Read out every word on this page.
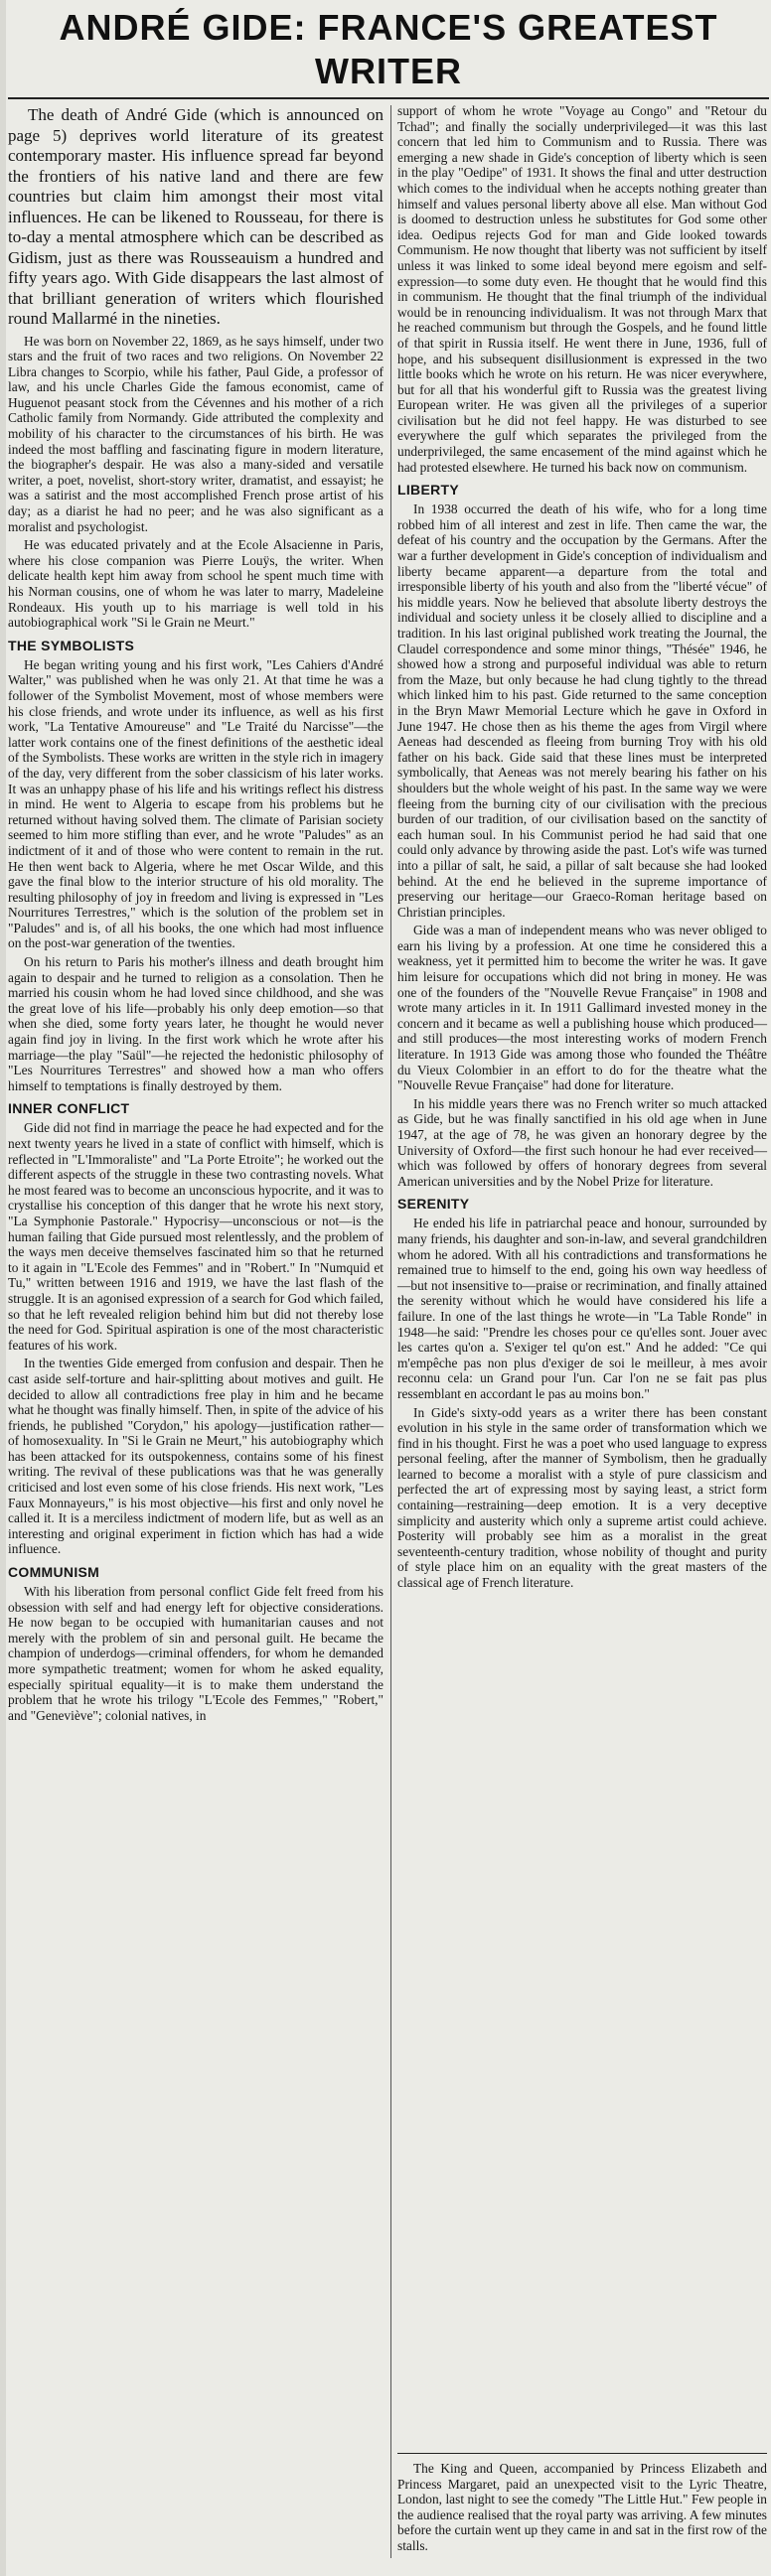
ANDRÉ GIDE: FRANCE'S GREATEST WRITER

The death of André Gide (which is announced on page 5) deprives world literature of its greatest contemporary master. His influence spread far beyond the frontiers of his native land and there are few countries but claim him amongst their most vital influences. He can be likened to Rousseau, for there is to-day a mental atmosphere which can be described as Gidism, just as there was Rousseauism a hundred and fifty years ago. With Gide disappears the last almost of that brilliant generation of writers which flourished round Mallarmé in the nineties.

He was born on November 22, 1869, as he says himself, under two stars and the fruit of two races and two religions. On November 22 Libra changes to Scorpio, while his father, Paul Gide, a professor of law, and his uncle Charles Gide the famous economist, came of Huguenot peasant stock from the Cévennes and his mother of a rich Catholic family from Normandy. Gide attributed the complexity and mobility of his character to the circumstances of his birth. He was indeed the most baffling and fascinating figure in modern literature, the biographer's despair. He was also a many-sided and versatile writer, a poet, novelist, short-story writer, dramatist, and essayist; he was a satirist and the most accomplished French prose artist of his day; as a diarist he had no peer; and he was also significant as a moralist and psychologist.

He was educated privately and at the Ecole Alsacienne in Paris, where his close companion was Pierre Louÿs, the writer. When delicate health kept him away from school he spent much time with his Norman cousins, one of whom he was later to marry, Madeleine Rondeaux. His youth up to his marriage is well told in his autobiographical work "Si le Grain ne Meurt."

THE SYMBOLISTS

He began writing young and his first work, "Les Cahiers d'André Walter," was published when he was only 21. At that time he was a follower of the Symbolist Movement, most of whose members were his close friends, and wrote under its influence, as well as his first work, "La Tentative Amoureuse" and "Le Traité du Narcisse"—the latter work contains one of the finest definitions of the aesthetic ideal of the Symbolists. These works are written in the style rich in imagery of the day, very different from the sober classicism of his later works. It was an unhappy phase of his life and his writings reflect his distress in mind. He went to Algeria to escape from his problems but he returned without having solved them. The climate of Parisian society seemed to him more stifling than ever, and he wrote "Paludes" as an indictment of it and of those who were content to remain in the rut. He then went back to Algeria, where he met Oscar Wilde, and this gave the final blow to the interior structure of his old morality. The resulting philosophy of joy in freedom and living is expressed in "Les Nourritures Terrestres," which is the solution of the problem set in "Paludes" and is, of all his books, the one which had most influence on the post-war generation of the twenties.

On his return to Paris his mother's illness and death brought him again to despair and he turned to religion as a consolation. Then he married his cousin whom he had loved since childhood, and she was the great love of his life—probably his only deep emotion—so that when she died, some forty years later, he thought he would never again find joy in living. In the first work which he wrote after his marriage—the play "Saül"—he rejected the hedonistic philosophy of "Les Nourritures Terrestres" and showed how a man who offers himself to temptations is finally destroyed by them.

INNER CONFLICT

Gide did not find in marriage the peace he had expected and for the next twenty years he lived in a state of conflict with himself, which is reflected in "L'Immoraliste" and "La Porte Etroite"; he worked out the different aspects of the struggle in these two contrasting novels. What he most feared was to become an unconscious hypocrite, and it was to crystallise his conception of this danger that he wrote his next story, "La Symphonie Pastorale." Hypocrisy—unconscious or not—is the human failing that Gide pursued most relentlessly, and the problem of the ways men deceive themselves fascinated him so that he returned to it again in "L'Ecole des Femmes" and in "Robert." In "Numquid et Tu," written between 1916 and 1919, we have the last flash of the struggle. It is an agonised expression of a search for God which failed, so that he left revealed religion behind him but did not thereby lose the need for God. Spiritual aspiration is one of the most characteristic features of his work.

In the twenties Gide emerged from confusion and despair. Then he cast aside self-torture and hair-splitting about motives and guilt. He decided to allow all contradictions free play in him and he became what he thought was finally himself. Then, in spite of the advice of his friends, he published "Corydon," his apology—justification rather—of homosexuality. In "Si le Grain ne Meurt," his autobiography which has been attacked for its outspokenness, contains some of his finest writing. The revival of these publications was that he was generally criticised and lost even some of his close friends. His next work, "Les Faux Monnayeurs," is his most objective—his first and only novel he called it. It is a merciless indictment of modern life, but as well as an interesting and original experiment in fiction which has had a wide influence.

COMMUNISM

With his liberation from personal conflict Gide felt freed from his obsession with self and had energy left for objective considerations. He now began to be occupied with humanitarian causes and not merely with the problem of sin and personal guilt. He became the champion of underdogs—criminal offenders, for whom he demanded more sympathetic treatment; women for whom he asked equality, especially spiritual equality—it is to make them understand the problem that he wrote his trilogy "L'Ecole des Femmes," "Robert," and "Geneviève"; colonial natives, in

support of whom he wrote "Voyage au Congo" and "Retour du Tchad"; and finally the socially underprivileged—it was this last concern that led him to Communism and to Russia. There was emerging a new shade in Gide's conception of liberty which is seen in the play "Oedipe" of 1931. It shows the final and utter destruction which comes to the individual when he accepts nothing greater than himself and values personal liberty above all else. Man without God is doomed to destruction unless he substitutes for God some other idea. Oedipus rejects God for man and Gide looked towards Communism. He now thought that liberty was not sufficient by itself unless it was linked to some ideal beyond mere egoism and self-expression—to some duty even. He thought that he would find this in communism. He thought that the final triumph of the individual would be in renouncing individualism. It was not through Marx that he reached communism but through the Gospels, and he found little of that spirit in Russia itself. He went there in June, 1936, full of hope, and his subsequent disillusionment is expressed in the two little books which he wrote on his return. He was nicer everywhere, but for all that his wonderful gift to Russia was the greatest living European writer. He was given all the privileges of a superior civilisation but he did not feel happy. He was disturbed to see everywhere the gulf which separates the privileged from the underprivileged, the same encasement of the mind against which he had protested elsewhere. He turned his back now on communism.

LIBERTY

In 1938 occurred the death of his wife, who for a long time robbed him of all interest and zest in life. Then came the war, the defeat of his country and the occupation by the Germans. After the war a further development in Gide's conception of individualism and liberty became apparent—a departure from the total and irresponsible liberty of his youth and also from the "liberté vécue" of his middle years. Now he believed that absolute liberty destroys the individual and society unless it be closely allied to discipline and a tradition. In his last original published work treating the Journal, the Claudel correspondence and some minor things, "Thésée" 1946, he showed how a strong and purposeful individual was able to return from the Maze, but only because he had clung tightly to the thread which linked him to his past. Gide returned to the same conception in the Bryn Mawr Memorial Lecture which he gave in Oxford in June 1947. He chose then as his theme the ages from Virgil where Aeneas had descended as fleeing from burning Troy with his old father on his back. Gide said that these lines must be interpreted symbolically, that Aeneas was not merely bearing his father on his shoulders but the whole weight of his past. In the same way we were fleeing from the burning city of our civilisation with the precious burden of our tradition, of our civilisation based on the sanctity of each human soul. In his Communist period he had said that one could only advance by throwing aside the past. Lot's wife was turned into a pillar of salt, he said, a pillar of salt because she had looked behind. At the end he believed in the supreme importance of preserving our heritage—our Graeco-Roman heritage based on Christian principles.

Gide was a man of independent means who was never obliged to earn his living by a profession. At one time he considered this a weakness, yet it permitted him to become the writer he was. It gave him leisure for occupations which did not bring in money. He was one of the founders of the "Nouvelle Revue Française" in 1908 and wrote many articles in it. In 1911 Gallimard invested money in the concern and it became as well a publishing house which produced—and still produces—the most interesting works of modern French literature. In 1913 Gide was among those who founded the Théâtre du Vieux Colombier in an effort to do for the theatre what the "Nouvelle Revue Française" had done for literature.

In his middle years there was no French writer so much attacked as Gide, but he was finally sanctified in his old age when in June 1947, at the age of 78, he was given an honorary degree by the University of Oxford—the first such honour he had ever received—which was followed by offers of honorary degrees from several American universities and by the Nobel Prize for literature.

SERENITY

He ended his life in patriarchal peace and honour, surrounded by many friends, his daughter and son-in-law, and several grandchildren whom he adored. With all his contradictions and transformations he remained true to himself to the end, going his own way heedless of—but not insensitive to—praise or recrimination, and finally attained the serenity without which he would have considered his life a failure. In one of the last things he wrote—in "La Table Ronde" in 1948—he said: "Prendre les choses pour ce qu'elles sont. Jouer avec les cartes qu'on a. S'exiger tel qu'on est." And he added: "Ce qui m'empêche pas non plus d'exiger de soi le meilleur, à mes avoir reconnu cela: un Grand pour l'un. Car l'on ne se fait pas plus ressemblant en accordant le pas au moins bon."

In Gide's sixty-odd years as a writer there has been constant evolution in his style in the same order of transformation which we find in his thought. First he was a poet who used language to express personal feeling, after the manner of Symbolism, then he gradually learned to become a moralist with a style of pure classicism and perfected the art of expressing most by saying least, a strict form containing—restraining—deep emotion. It is a very deceptive simplicity and austerity which only a supreme artist could achieve. Posterity will probably see him as a moralist in the great seventeenth-century tradition, whose nobility of thought and purity of style place him on an equality with the great masters of the classical age of French literature.

The King and Queen, accompanied by Princess Elizabeth and Princess Margaret, paid an unexpected visit to the Lyric Theatre, London, last night to see the comedy "The Little Hut." Few people in the audience realised that the royal party was arriving. A few minutes before the curtain went up they came in and sat in the first row of the stalls.
